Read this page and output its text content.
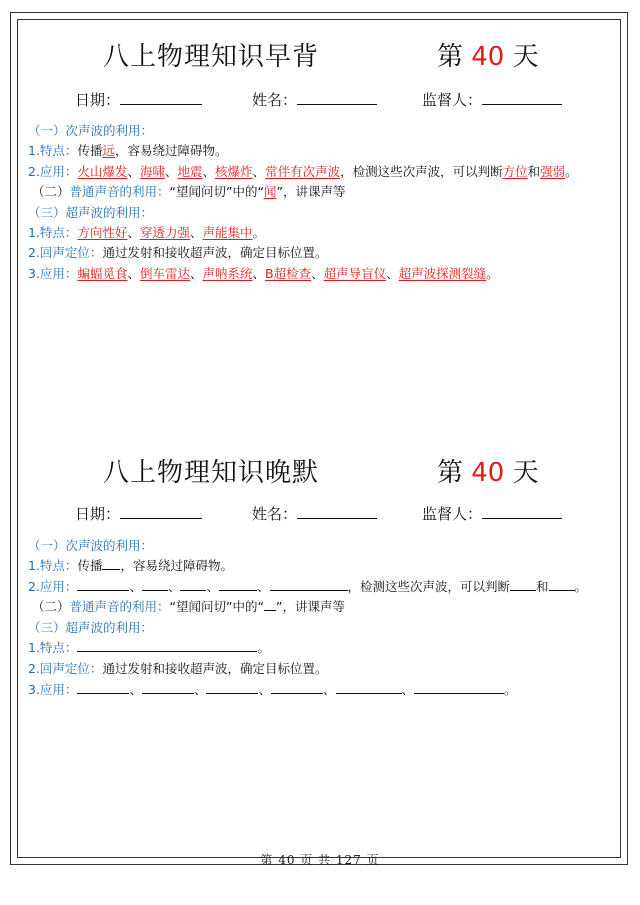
八上物理知识早背	第 40 天
日期：	姓名：	监督人：
（一）次声波的利用：
1.特点：传播远，容易绕过障碍物。
2.应用：火山爆发、海啸、地震、核爆炸、常伴有次声波，检测这些次声波，可以判断方位和强弱。
（二）普通声音的利用：“望闻问切”中的“闻”，讲课声等
（三）超声波的利用：
1.特点：方向性好、穿透力强、声能集中。
2.回声定位：通过发射和接收超声波，确定目标位置。
3.应用：蝙蝠觅食、倒车雷达、声呐系统、B超检查、超声导盲仪、超声波探测裂缝。
八上物理知识晚默	第 40 天
日期：	姓名：	监督人：
（一）次声波的利用：
1.特点：传播 ，容易绕过障碍物。
2.应用：	、 、 、	、	，检测这些次声波，可以判断 和 。
（二）普通声音的利用：“望闻问切”中的“ ”，讲课声等
（三）超声波的利用：
1.特点：	。
2.回声定位：通过发射和接收超声波，确定目标位置。
3.应用：	、	、	、	、	、	。
第 40 页 共 127 页
